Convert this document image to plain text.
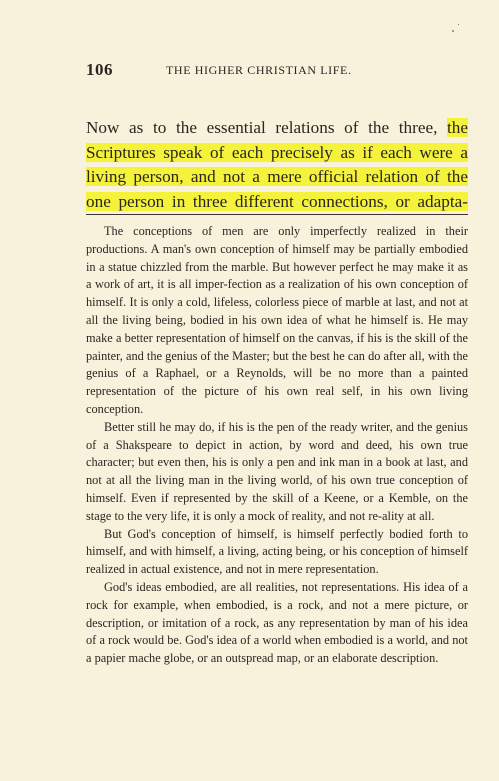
106	THE HIGHER CHRISTIAN LIFE.
Now as to the essential relations of the three, the
Scriptures speak of each precisely as if each were a
living person, and not a mere official relation of the
one person in three different connections, or adapta-

The conceptions of men are only imperfectly realized in their productions. A man's own conception of himself may be partially embodied in a statue chizzled from the marble. But however perfect he may make it as a work of art, it is all imper-fection as a realization of his own conception of himself. It is only a cold, lifeless, colorless piece of marble at last, and not at all the living being, bodied in his own idea of what he himself is. He may make a better representation of himself on the canvas, if his is the skill of the painter, and the genius of the Master; but the best he can do after all, with the genius of a Raphael, or a Reynolds, will be no more than a painted representation of the picture of his own real self, in his own living conception.

Better still he may do, if his is the pen of the ready writer, and the genius of a Shakspeare to depict in action, by word and deed, his own true character; but even then, his is only a pen and ink man in a book at last, and not at all the living man in the living world, of his own true conception of himself. Even if represented by the skill of a Keene, or a Kemble, on the stage to the very life, it is only a mock of reality, and not re-ality at all.

But God's conception of himself, is himself perfectly bodied forth to himself, and with himself, a living, acting being, or his conception of himself realized in actual existence, and not in mere representation.

God's ideas embodied, are all realities, not representations. His idea of a rock for example, when embodied, is a rock, and not a mere picture, or description, or imitation of a rock, as any representation by man of his idea of a rock would be. God's idea of a world when embodied is a world, and not a papier mache globe, or an outspread map, or an elaborate description.
